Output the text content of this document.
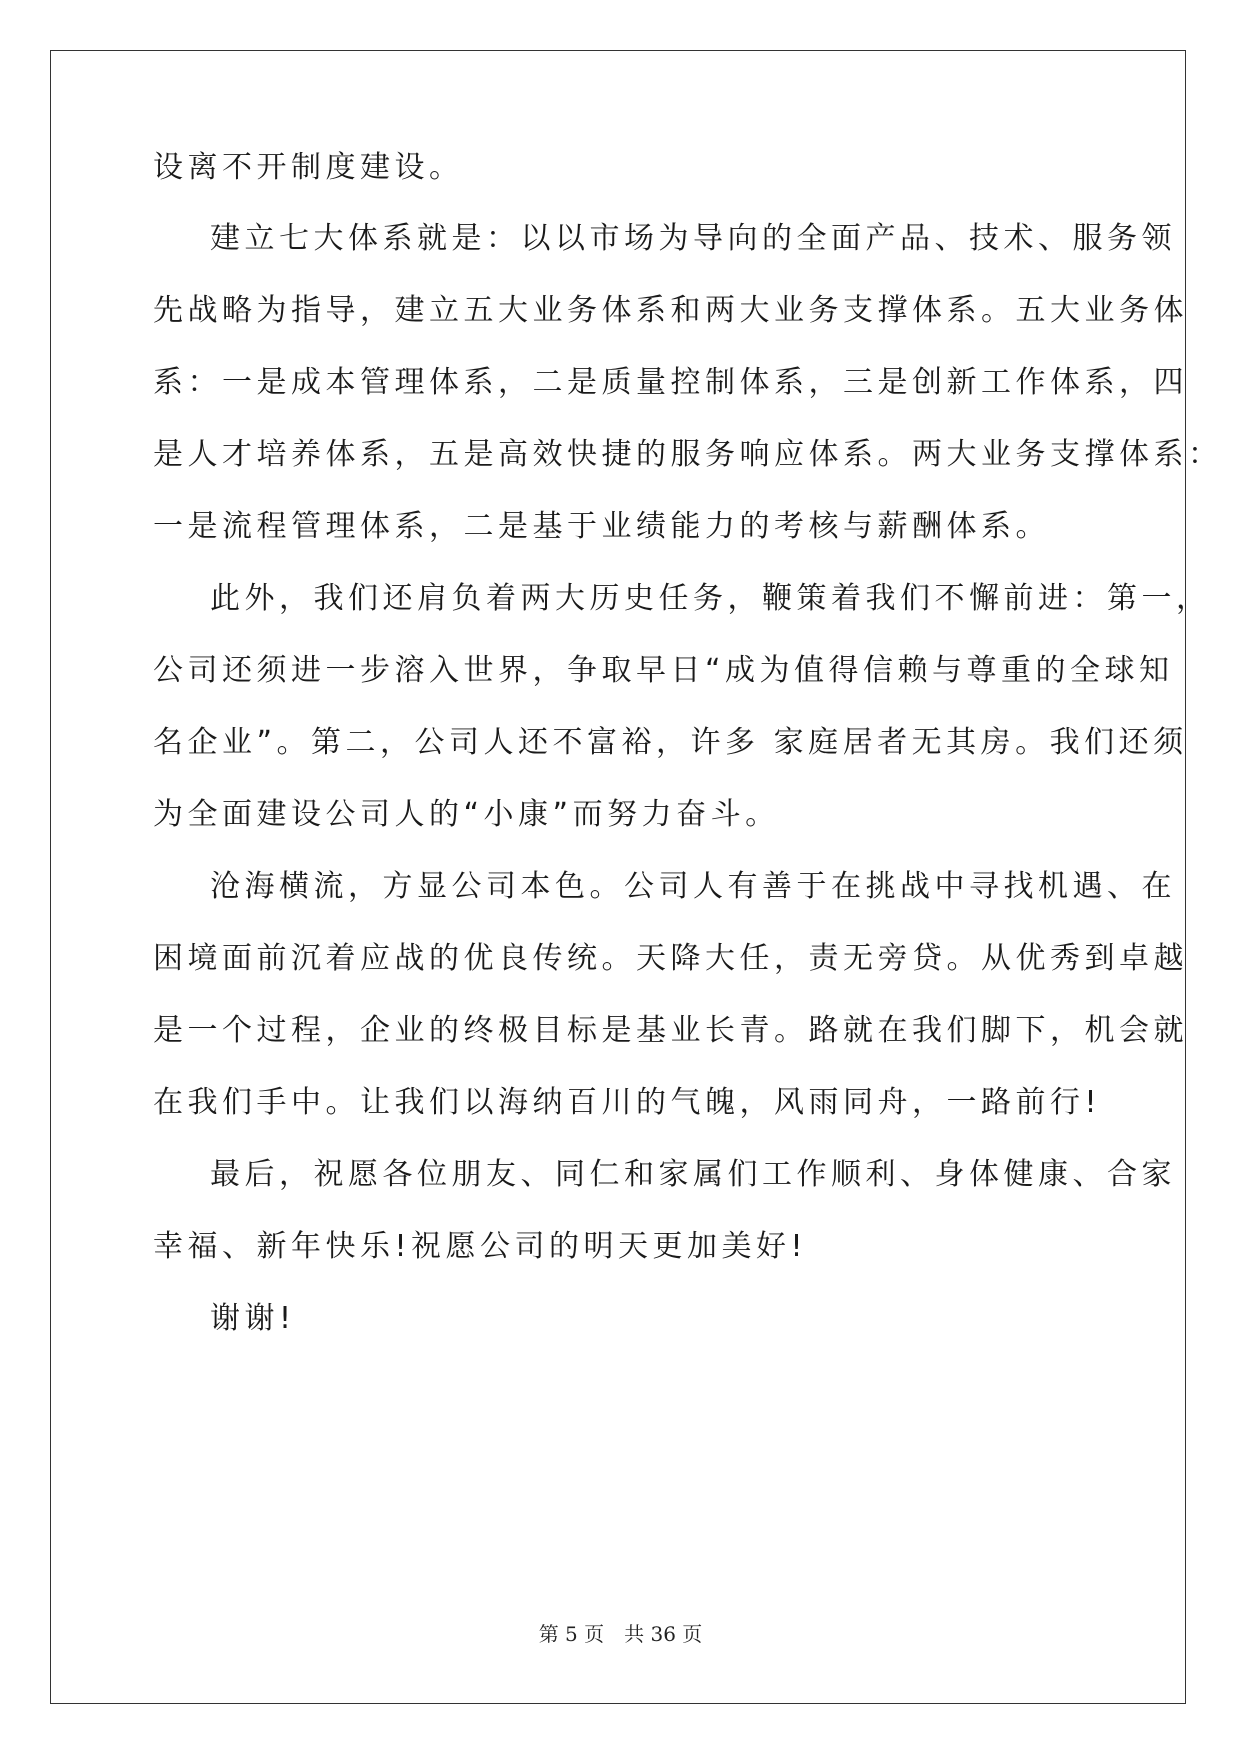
设离不开制度建设。
建立七大体系就是：以以市场为导向的全面产品、技术、服务领
先战略为指导，建立五大业务体系和两大业务支撑体系。五大业务体
系：一是成本管理体系，二是质量控制体系，三是创新工作体系，四
是人才培养体系，五是高效快捷的服务响应体系。两大业务支撑体系：
一是流程管理体系，二是基于业绩能力的考核与薪酬体系。
此外，我们还肩负着两大历史任务，鞭策着我们不懈前进：第一，
公司还须进一步溶入世界，争取早日“成为值得信赖与尊重的全球知
名企业”。第二，公司人还不富裕，许多 家庭居者无其房。我们还须
为全面建设公司人的“小康”而努力奋斗。
沧海横流，方显公司本色。公司人有善于在挑战中寻找机遇、在
困境面前沉着应战的优良传统。天降大任，责无旁贷。从优秀到卓越
是一个过程，企业的终极目标是基业长青。路就在我们脚下，机会就
在我们手中。让我们以海纳百川的气魄，风雨同舟，一路前行!
最后，祝愿各位朋友、同仁和家属们工作顺利、身体健康、合家
幸福、新年快乐!祝愿公司的明天更加美好!
谢谢!
第 5 页　共 36 页
